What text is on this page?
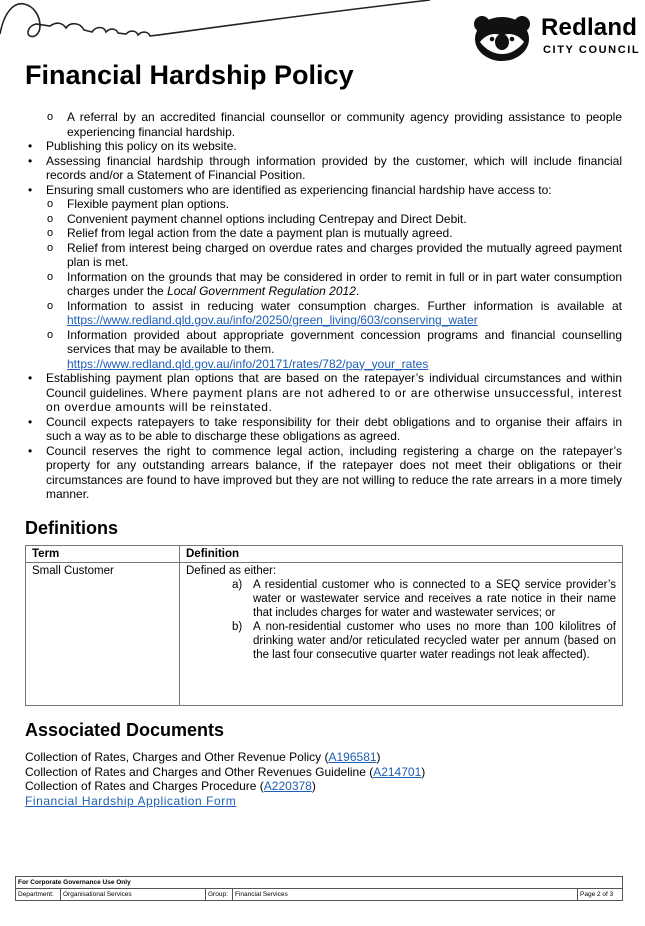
Redland
CITY COUNCIL
Financial Hardship Policy
o A referral by an accredited financial counsellor or community agency providing assistance to people experiencing financial hardship.
• Publishing this policy on its website.
• Assessing financial hardship through information provided by the customer, which will include financial records and/or a Statement of Financial Position.
• Ensuring small customers who are identified as experiencing financial hardship have access to:
o Flexible payment plan options.
o Convenient payment channel options including Centrepay and Direct Debit.
o Relief from legal action from the date a payment plan is mutually agreed.
o Relief from interest being charged on overdue rates and charges provided the mutually agreed payment plan is met.
o Information on the grounds that may be considered in order to remit in full or in part water consumption charges under the Local Government Regulation 2012.
o Information to assist in reducing water consumption charges. Further information is available at https://www.redland.qld.gov.au/info/20250/green_living/603/conserving_water
o Information provided about appropriate government concession programs and financial counselling services that may be available to them.
https://www.redland.qld.gov.au/info/20171/rates/782/pay_your_rates
• Establishing payment plan options that are based on the ratepayer’s individual circumstances and within Council guidelines. Where payment plans are not adhered to or are otherwise unsuccessful, interest on overdue amounts will be reinstated.
• Council expects ratepayers to take responsibility for their debt obligations and to organise their affairs in such a way as to be able to discharge these obligations as agreed.
• Council reserves the right to commence legal action, including registering a charge on the ratepayer’s property for any outstanding arrears balance, if the ratepayer does not meet their obligations or their circumstances are found to have improved but they are not willing to reduce the rate arrears in a more timely manner.
Definitions
Term	Definition
Small Customer	Defined as either:
a) A residential customer who is connected to a SEQ service provider’s water or wastewater service and receives a rate notice in their name that includes charges for water and wastewater services; or
b) A non-residential customer who uses no more than 100 kilolitres of drinking water and/or reticulated recycled water per annum (based on the last four consecutive quarter water readings not leak affected).
Associated Documents
Collection of Rates, Charges and Other Revenue Policy (A196581)
Collection of Rates and Charges and Other Revenues Guideline (A214701)
Collection of Rates and Charges Procedure (A220378)
Financial Hardship Application Form
For Corporate Governance Use Only
Department:	Organisational Services	Group:	Financial Services	Page 2 of 3
